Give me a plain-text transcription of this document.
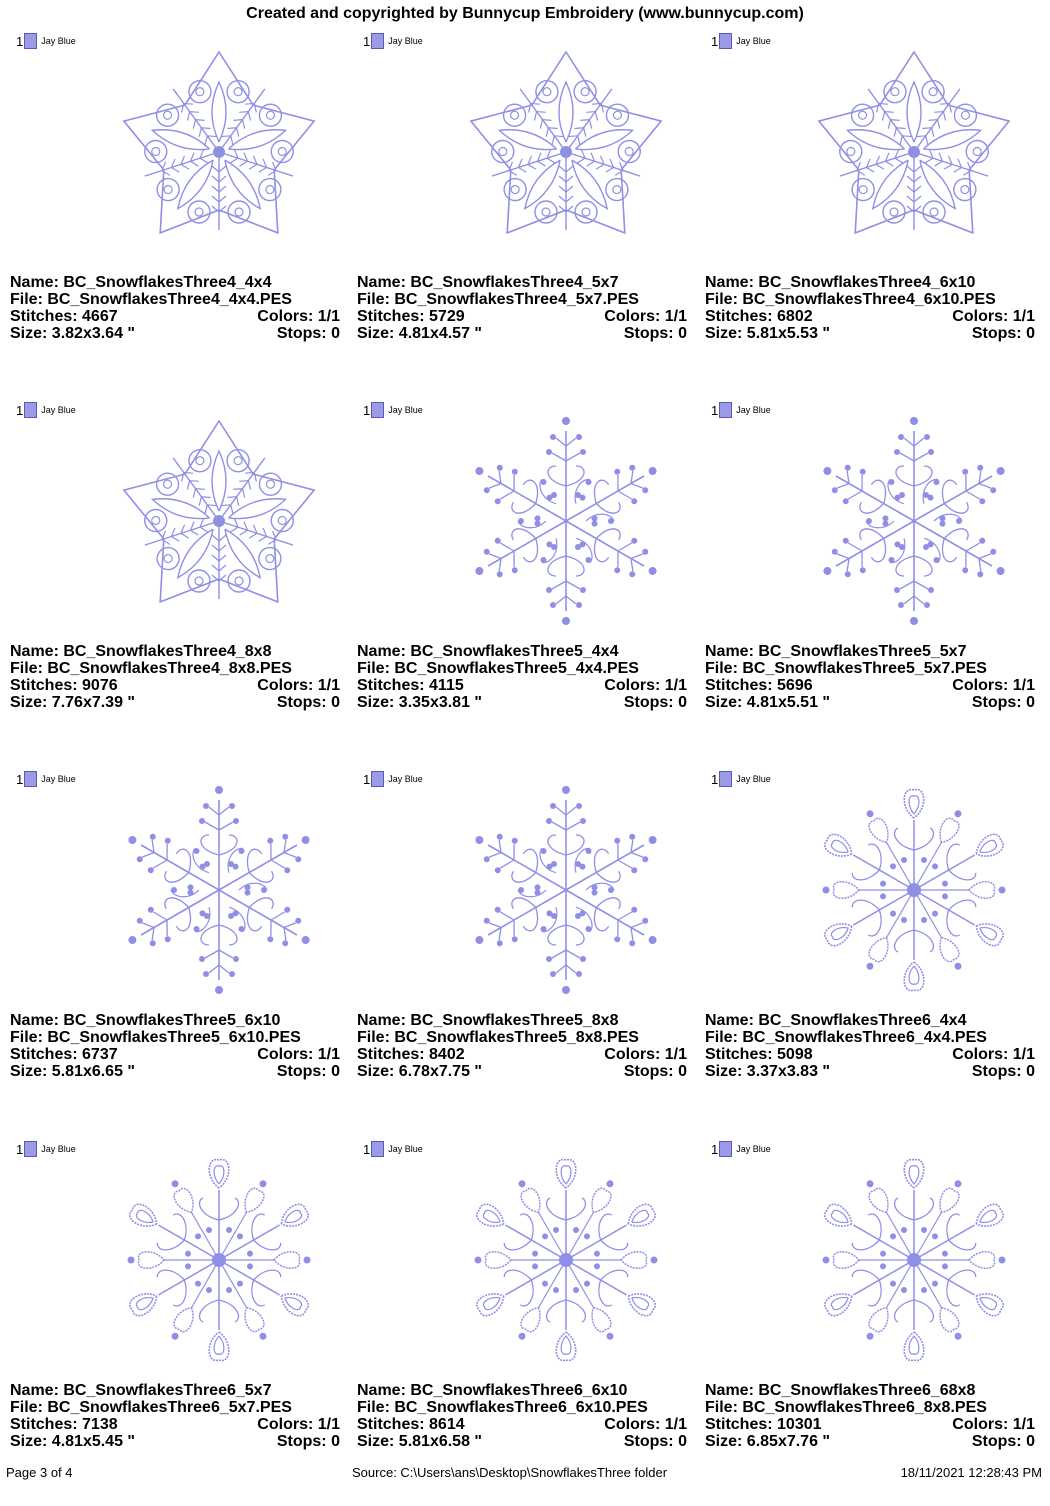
Created and copyrighted by Bunnycup Embroidery (www.bunnycup.com)
1 Jay Blue
Name: BC_SnowflakesThree4_4x4
File: BC_SnowflakesThree4_4x4.PES
Stitches: 4667	Colors: 1/1
Size: 3.82x3.64 "	Stops: 0
1 Jay Blue
Name: BC_SnowflakesThree4_5x7
File: BC_SnowflakesThree4_5x7.PES
Stitches: 5729	Colors: 1/1
Size: 4.81x4.57 "	Stops: 0
1 Jay Blue
Name: BC_SnowflakesThree4_6x10
File: BC_SnowflakesThree4_6x10.PES
Stitches: 6802	Colors: 1/1
Size: 5.81x5.53 "	Stops: 0
1 Jay Blue
Name: BC_SnowflakesThree4_8x8
File: BC_SnowflakesThree4_8x8.PES
Stitches: 9076	Colors: 1/1
Size: 7.76x7.39 "	Stops: 0
1 Jay Blue
Name: BC_SnowflakesThree5_4x4
File: BC_SnowflakesThree5_4x4.PES
Stitches: 4115	Colors: 1/1
Size: 3.35x3.81 "	Stops: 0
1 Jay Blue
Name: BC_SnowflakesThree5_5x7
File: BC_SnowflakesThree5_5x7.PES
Stitches: 5696	Colors: 1/1
Size: 4.81x5.51 "	Stops: 0
1 Jay Blue
Name: BC_SnowflakesThree5_6x10
File: BC_SnowflakesThree5_6x10.PES
Stitches: 6737	Colors: 1/1
Size: 5.81x6.65 "	Stops: 0
1 Jay Blue
Name: BC_SnowflakesThree5_8x8
File: BC_SnowflakesThree5_8x8.PES
Stitches: 8402	Colors: 1/1
Size: 6.78x7.75 "	Stops: 0
1 Jay Blue
Name: BC_SnowflakesThree6_4x4
File: BC_SnowflakesThree6_4x4.PES
Stitches: 5098	Colors: 1/1
Size: 3.37x3.83 "	Stops: 0
1 Jay Blue
Name: BC_SnowflakesThree6_5x7
File: BC_SnowflakesThree6_5x7.PES
Stitches: 7138	Colors: 1/1
Size: 4.81x5.45 "	Stops: 0
1 Jay Blue
Name: BC_SnowflakesThree6_6x10
File: BC_SnowflakesThree6_6x10.PES
Stitches: 8614	Colors: 1/1
Size: 5.81x6.58 "	Stops: 0
1 Jay Blue
Name: BC_SnowflakesThree6_68x8
File: BC_SnowflakesThree6_8x8.PES
Stitches: 10301	Colors: 1/1
Size: 6.85x7.76 "	Stops: 0
Page 3 of 4	Source: C:\Users\ans\Desktop\SnowflakesThree folder	18/11/2021 12:28:43 PM
